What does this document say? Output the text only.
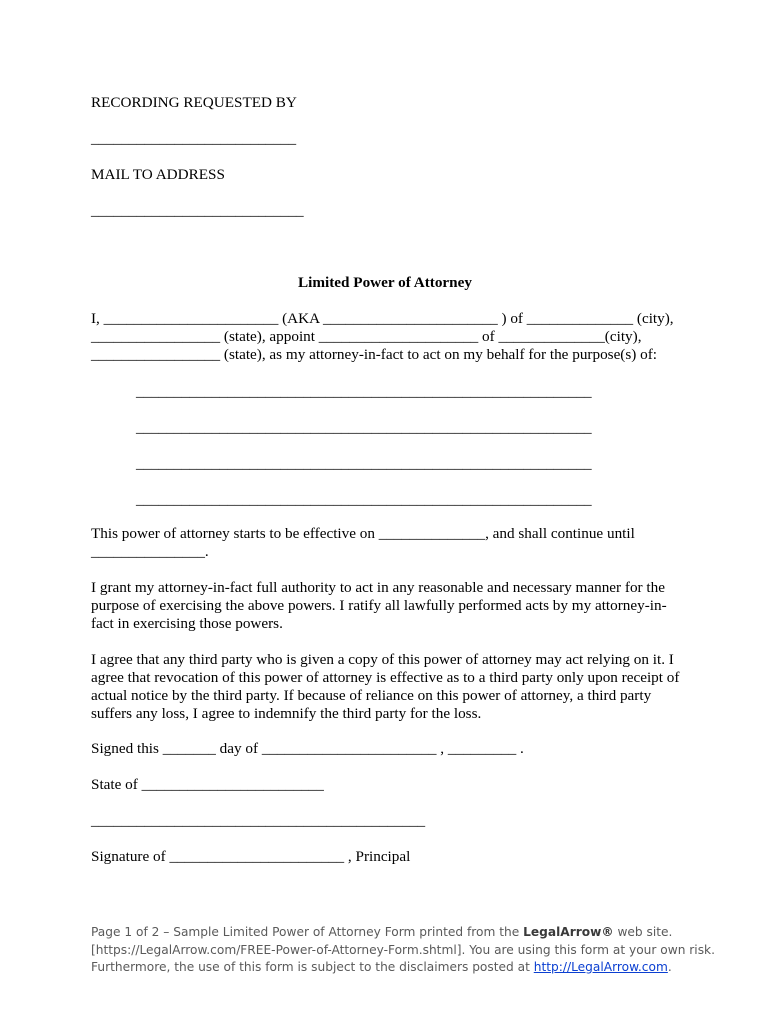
RECORDING REQUESTED BY
___________________________
MAIL TO ADDRESS
____________________________
Limited Power of Attorney
I, _______________________ (AKA _______________________ ) of ______________ (city),
_________________ (state), appoint _____________________ of ______________(city),
_________________ (state), as my attorney-in-fact to act on my behalf for the purpose(s) of:
____________________________________________________________
____________________________________________________________
____________________________________________________________
____________________________________________________________
This power of attorney starts to be effective on ______________, and shall continue until
_______________.
I grant my attorney-in-fact full authority to act in any reasonable and necessary manner for the
purpose of exercising the above powers. I ratify all lawfully performed acts by my attorney-in-
fact in exercising those powers.
I agree that any third party who is given a copy of this power of attorney may act relying on it. I
agree that revocation of this power of attorney is effective as to a third party only upon receipt of
actual notice by the third party. If because of reliance on this power of attorney, a third party
suffers any loss, I agree to indemnify the third party for the loss.
Signed this _______ day of _______________________ , _________ .
State of ________________________
____________________________________________
Signature of _______________________ , Principal
Page 1 of 2 – Sample Limited Power of Attorney Form printed from the LegalArrow® web site.
[https://LegalArrow.com/FREE-Power-of-Attorney-Form.shtml]. You are using this form at your own risk.
Furthermore, the use of this form is subject to the disclaimers posted at http://LegalArrow.com.
